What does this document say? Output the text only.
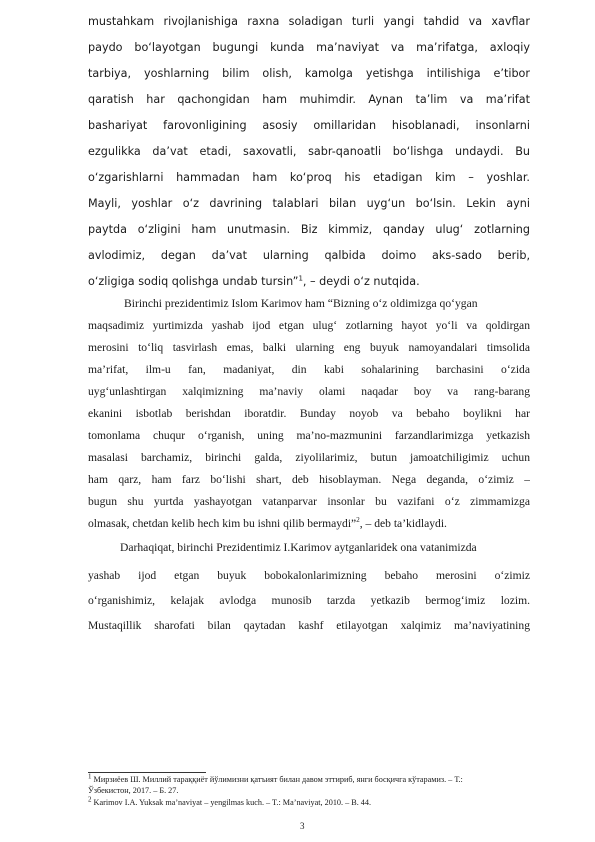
mustahkam rivojlanishiga raxna soladigan turli yangi tahdid va xavflar
paydo bo‘layotgan bugungi kunda ma’naviyat va ma’rifatga, axloqiy
tarbiya, yoshlarning bilim olish, kamolga yetishga intilishiga e’tibor
qaratish har qachongidan ham muhimdir. Aynan ta’lim va ma’rifat
bashariyat farovonligining asosiy omillaridan hisoblanadi, insonlarni
ezgulikka da’vat etadi, saxovatli, sabr-qanoatli bo‘lishga undaydi. Bu
o‘zgarishlarni hammadan ham ko‘proq his etadigan kim – yoshlar.
Mayli, yoshlar o‘z davrining talablari bilan uyg‘un bo‘lsin. Lekin ayni
paytda o‘zligini ham unutmasin. Biz kimmiz, qanday ulug‘ zotlarning
avlodimiz, degan da’vat ularning qalbida doimo aks-sado berib,
o‘zligiga sodiq qolishga undab tursin”$^1$, – deydi o‘z nutqida.
Birinchi prezidentimiz Islom Karimov ham “Bizning o‘z oldimizga qo‘ygan
maqsadimiz yurtimizda yashab ijod etgan ulug‘ zotlarning hayot yo‘li va qoldirgan
merosini to‘liq tasvirlash emas, balki ularning eng buyuk namoyandalari timsolida
ma’rifat, ilm-u fan, madaniyat, din kabi sohalarining barchasini o‘zida
uyg‘unlashtirgan xalqimizning ma’naviy olami naqadar boy va rang-barang
ekanini isbotlab berishdan iboratdir. Bunday noyob va bebaho boylikni har
tomonlama chuqur o‘rganish, uning ma’no-mazmunini farzandlarimizga yetkazish
masalasi barchamiz, birinchi galda, ziyolilarimiz, butun jamoatchiligimiz uchun
ham qarz, ham farz bo‘lishi shart, deb hisoblayman. Nega deganda, o‘zimiz –
bugun shu yurtda yashayotgan vatanparvar insonlar bu vazifani o‘z zimmamizga
olmasak, chetdan kelib hech kim bu ishni qilib bermaydi”$^2$, – deb ta’kidlaydi.
Darhaqiqat, birinchi Prezidentimiz I.Karimov aytganlaridek ona vatanimizda
yashab ijod etgan buyuk bobokalonlarimizning bebaho merosini o‘zimiz
o‘rganishimiz, kelajak avlodga munosib tarzda yetkazib bermog‘imiz lozim.
Mustaqillik sharofati bilan qaytadan kashf etilayotgan xalqimiz ma’naviyatining
$^1$ Мирзиёев Ш. Миллий тараққиёт йўлимизни қатъият билан давом эттириб, янги босқичга кўтарамиз. – Т.:
Ўзбекистон, 2017. – Б. 27.
$^2$ Karimov I.A. Yuksak ma’naviyat – yengilmas kuch. – T.: Ma’naviyat, 2010. – B. 44.
3
